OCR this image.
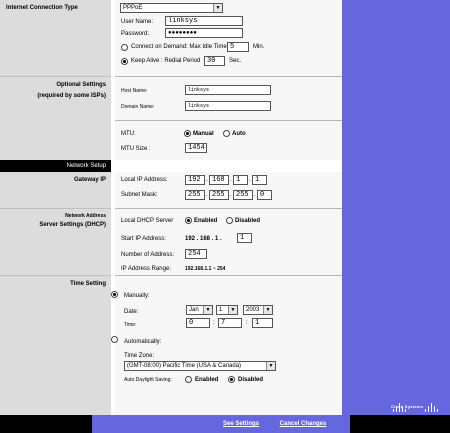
Internet Connection Type
Optional Settings
(required by some ISPs)
Network Setup
Gateway IP
Network Address
Server Settings (DHCP)
Time Setting
PPPoE	▼
User Name:	linksys
Password:	●●●●●●●●
Connect on Demand: Max Idle Time 5	Min.
Keep Alive : Redial Period 30	Sec.
Host Name:	linksys
Domain Name:	linksys
MTU:	Manual	Auto
MTU Size :	1454
Local IP Address:	192 . 168 . 1	. 1
Subnet Mask:	255 . 255 . 255 . 0
Local DHCP Server	Enabled	Disabled
Start IP Address:	192 . 168 . 1 .	1
Number of Address:	254
IP Address Range:	192.168.1.1 ~ 254
Manually:
Date:	Jan	▼	1	▼	2003	▼
Time:	0	: 7	:	1
Automatically:
Time Zone:
(GMT-08:00) Pacific Time (USA & Canada)	▼
Auto Daylight Saving:	Enabled	Disabled
Cisco Systems
See Settings	Cancel Changes
